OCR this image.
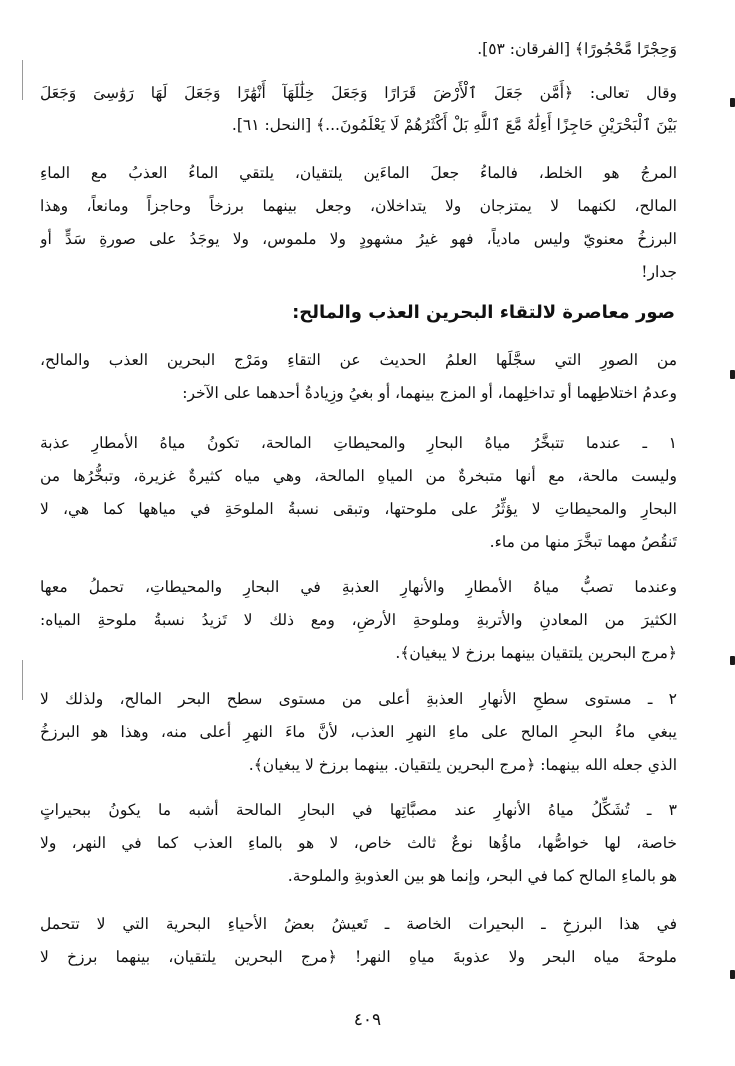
وَحِجْرًا مَّحْجُورًا﴾ [الفرقان: ٥٣].

وقال تعالى: ﴿أَمَّن جَعَلَ ٱلْأَرْضَ قَرَارًا وَجَعَلَ خِلَٰلَهَآ أَنْهَٰرًا وَجَعَلَ لَهَا رَوَٰسِىَ وَجَعَلَ

بَيْنَ ٱلْبَحْرَيْنِ حَاجِزًا أَءِلَٰهٌ مَّعَ ٱللَّهِ بَلْ أَكْثَرُهُمْ لَا يَعْلَمُونَ...﴾ [النحل: ٦١].

المرجُ هو الخلط، فالماءُ جعلَ الماءَين يلتقيان، يلتقي الماءُ العذبُ مع الماءِ

المالح، لكنهما لا يمتزجان ولا يتداخلان، وجعل بينهما برزخاً وحاجزاً ومانعاً، وهذا

البرزخُ معنويّ وليس مادياً، فهو غيرُ مشهودٍ ولا ملموس، ولا يوجَدُ على صورةِ سَدٍّ أو

جدار!

صور معاصرة لالتقاء البحرين العذب والمالح:

من الصورِ التي سجَّلَها العلمُ الحديث عن التقاءِ ومَرْج البحرين العذب والمالح،

وعدمُ اختلاطِهما أو تداخلِهما، أو المزج بينهما، أو بغيُ وزِيادةُ أحدهما على الآخر:

١ ـ عندما تتبخَّرُ مياهُ البحارِ والمحيطاتِ المالحة، تكونُ مياهُ الأمطارِ عذبة

وليست مالحة، مع أنها متبخرةٌ من المياهِ المالحة، وهي مياه كثيرةٌ غزيرة، وتبخُّرُها من

البحارِ والمحيطاتِ لا يؤثِّرُ على ملوحتها، وتبقى نسبةُ الملوحَةِ في مياهها كما هي، لا

تَنقُصُ مهما تبخَّرَ منها من ماء.

وعندما تصبُّ مياهُ الأمطارِ والأنهارِ العذبةِ في البحارِ والمحيطاتِ، تحملُ معها

الكثيرَ من المعادنِ والأتربةِ وملوحةِ الأرضِ، ومع ذلك لا تَزيدُ نسبةُ ملوحةِ المياه:

﴿مرج البحرين يلتقيان بينهما برزخ لا يبغيان﴾.

٢ ـ مستوى سطحِ الأنهارِ العذبةِ أعلى من مستوى سطح البحر المالح، ولذلك لا

يبغي ماءُ البحرِ المالح على ماءِ النهرِ العذب، لأنَّ ماءَ النهرِ أعلى منه، وهذا هو البرزخُ

الذي جعله الله بينهما: ﴿مرج البحرين يلتقيان. بينهما برزخ لا يبغيان﴾.

٣ ـ تُشَكِّلُ مياهُ الأنهارِ عند مصبَّاتِها في البحارِ المالحة أشبه ما يكونُ ببحيراتٍ

خاصة، لها خواصُّها، ماؤُها نوعٌ ثالث خاص، لا هو بالماءِ العذب كما في النهر، ولا

هو بالماءِ المالح كما في البحر، وإنما هو بين العذوبةِ والملوحة.

في هذا البرزخِ ـ البحيرات الخاصة ـ تَعيشُ بعضُ الأحياءِ البحرية التي لا تتحمل

ملوحةَ مياه البحر ولا عذوبةَ مياهِ النهر! ﴿مرج البحرين يلتقيان، بينهما برزخ لا

٤٠٩
